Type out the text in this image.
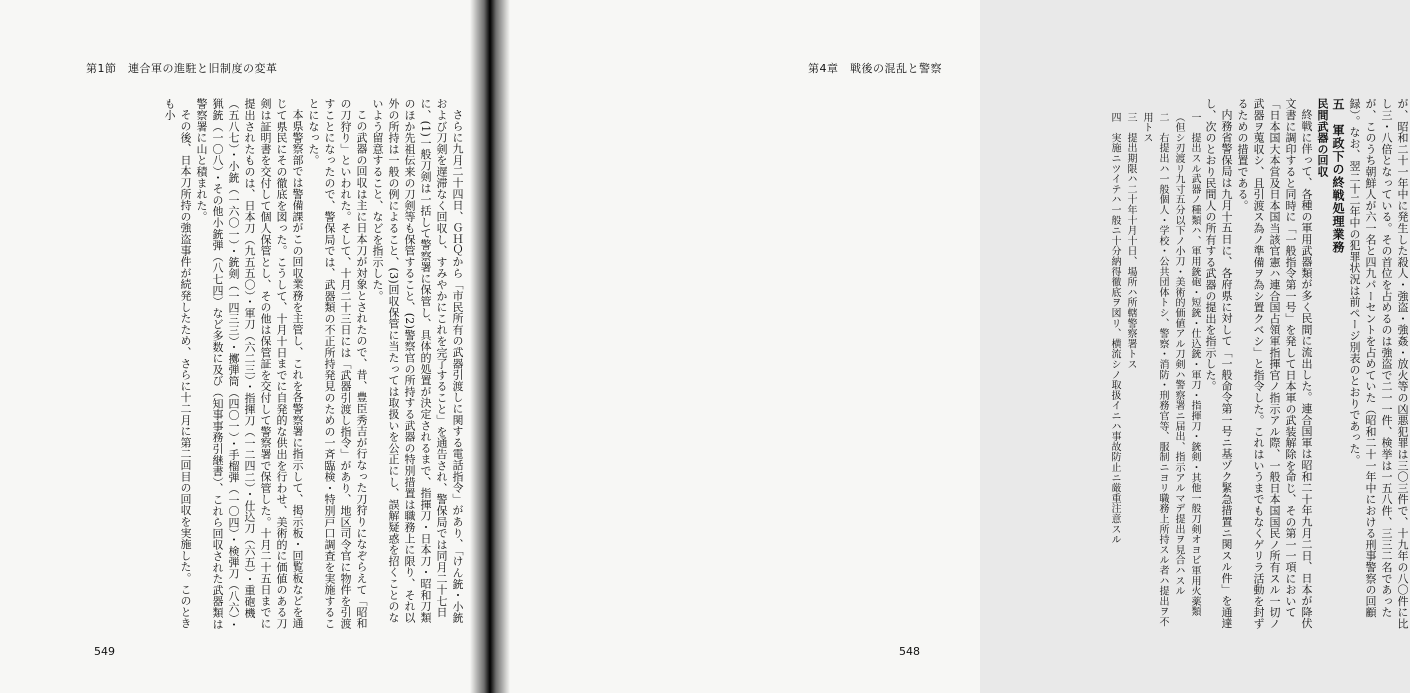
第1節　連合軍の進駐と旧制度の変革

さらに九月二十四日、ＧＨＱから「市民所有の武器引渡しに関する電話指令」があり、「けん銃・小銃および刀剣を遅滞なく回収し、すみやかにこれを完了すること」を通告され、警保局では同月二十七日に、(1)一般刀剣は一括して警察署に保管し、具体的処置が決定されるまで、指揮刀・日本刀・昭和刀類のほか先祖伝来の刀剣等も保管すること、(2)警察官の所持する武器の特別措置は職務上に限り、それ以外の所持は一般の例によること、(3)回収保管に当たっては取扱いを公正にし、誤解疑惑を招くことのないよう留意すること、などを指示した。

この武器の回収は主に日本刀が対象とされたので、昔、豊臣秀吉が行なった刀狩りになぞらえて「昭和の刀狩り」といわれた。そして、十月二十三日には「武器引渡し指令」があり、地区司令官に物件を引渡すことになったので、警保局では、武器類の不正所持発見のための一斉臨検・特別戸口調査を実施することになった。

本県警察部では警備課がこの回収業務を主管し、これを各警察署に指示して、掲示板・回覧板などを通じて県民にその徹底を図った。こうして、十月十日までに自発的な供出を行わせ、美術的に価値のある刀剣は証明書を交付して個人保管とし、その他は保管証を交付して警察署で保管した。十月二十五日までに提出されたものは、日本刀（九五五〇）・軍刀（六二三）・指揮刀（一二四二）・仕込刀（六五）・重砲機（五八七）・小銃（一六〇一）・銃剣（一四三三）・擲弾筒（四〇一）・手榴弾（一〇四）・検弾刀（八六）・猟銃（一〇八）・その他小銃弾（八七四）など多数に及び（知事事務引継書）、これら回収された武器類は警察署に山と積まれた。

その後、日本刀所持の強盗事件が続発したため、さらに十二月に第二回目の回収を実施した。このときも小

549
第4章　戦後の混乱と警察

が、昭和二十一年中に発生した殺人・強盗・強姦・放火等の凶悪犯罪は三〇三件で、十九年の八〇件に比し三・八倍となっている。その首位を占めるのは強盗で二一一件、検挙は一五八件、三三二名であったが、このうち朝鮮人が六一名と四九パーセントを占めていた（昭和二十一年中における刑事警察の回顧録）。なお、翌二十二年中の犯罪状況は前ページ別表のとおりであった。

五　軍政下の終戦処理業務

民間武器の回収

終戦に伴って、各種の軍用武器類が多く民間に流出した。連合国軍は昭和二十年九月二日、日本が降伏文書に調印すると同時に「一般指令第一号」を発して日本軍の武装解除を命じ、その第一一項において「日本国大本営及日本国当該官憲ハ連合国占領軍指揮官ノ指示アル際、一般日本国国民ノ所有スル一切ノ武器ヲ蒐収シ、且引渡ス為ノ準備ヲ為シ置クベシ」と指令した。これはいうまでもなくゲリラ活動を封ずるための措置である。

内務省警保局は九月十五日に、各府県に対して「一般命令第一号ニ基ヅク緊急措置ニ関スル件」を通達し、次のとおり民間人の所有する武器の提出を指示した。

一　提出スル武器ノ種類ハ、軍用銃砲・短銃・仕込銃・軍刀・指揮刀・銃剣・其他一般刀剣オヨビ軍用火薬類（但シ刃渡リ九寸五分以下ノ小刀・美術的価値アル刀剣ハ警察署ニ届出、指示アルマデ提出ヲ見合ハスル

二　右提出ハ一般個人・学校・公共団体トシ、警察・消防・刑務官等、服制ニヨリ職務上所持スル者ハ提出ヲ不用トス

三　提出期限ハ二十年十月十日、場所ハ所轄警察署トス

四　実施ニツイテハ一般ニ十分納得徹底ヲ図リ、横流シノ取扱イニハ事故防止ニ厳重注意スル

548
